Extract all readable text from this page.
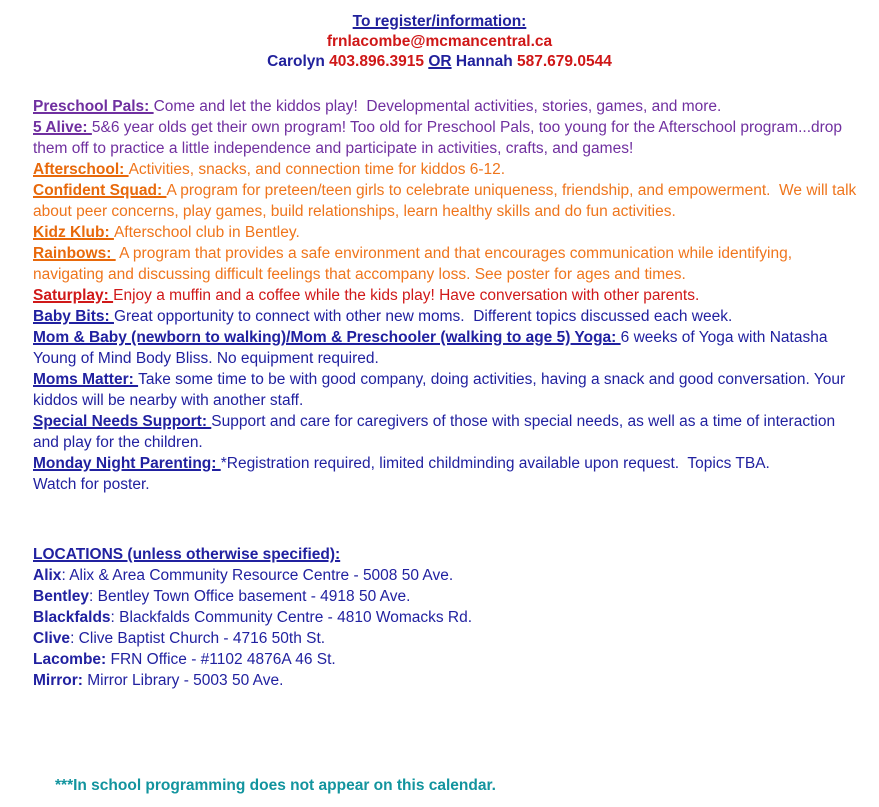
To register/information:
frnlacombe@mcmancentral.ca
Carolyn 403.896.3915 OR Hannah 587.679.0544

Preschool Pals: Come and let the kiddos play!  Developmental activities, stories, games, and more.

5 Alive: 5&6 year olds get their own program! Too old for Preschool Pals, too young for the Afterschool program...drop them off to practice a little independence and participate in activities, crafts, and games!

Afterschool: Activities, snacks, and connection time for kiddos 6-12.

Confident Squad: A program for preteen/teen girls to celebrate uniqueness, friendship, and empowerment.  We will talk about peer concerns, play games, build relationships, learn healthy skills and do fun activities.

Kidz Klub: Afterschool club in Bentley.

Rainbows:  A program that provides a safe environment and that encourages communication while identifying, navigating and discussing difficult feelings that accompany loss. See poster for ages and times.

Saturplay: Enjoy a muffin and a coffee while the kids play! Have conversation with other parents.

Baby Bits: Great opportunity to connect with other new moms.  Different topics discussed each week.

Mom & Baby (newborn to walking)/Mom & Preschooler (walking to age 5) Yoga: 6 weeks of Yoga with Natasha Young of Mind Body Bliss. No equipment required.

Moms Matter: Take some time to be with good company, doing activities, having a snack and good conversation. Your kiddos will be nearby with another staff.

Special Needs Support: Support and care for caregivers of those with special needs, as well as a time of interaction and play for the children.

Monday Night Parenting: *Registration required, limited childminding available upon request.  Topics TBA.

Watch for poster.

LOCATIONS (unless otherwise specified):

Alix: Alix & Area Community Resource Centre - 5008 50 Ave.

Bentley: Bentley Town Office basement - 4918 50 Ave.

Blackfalds: Blackfalds Community Centre - 4810 Womacks Rd.

Clive: Clive Baptist Church - 4716 50th St.

Lacombe: FRN Office - #1102 4876A 46 St.

Mirror: Mirror Library - 5003 50 Ave.

***In school programming does not appear on this calendar.
